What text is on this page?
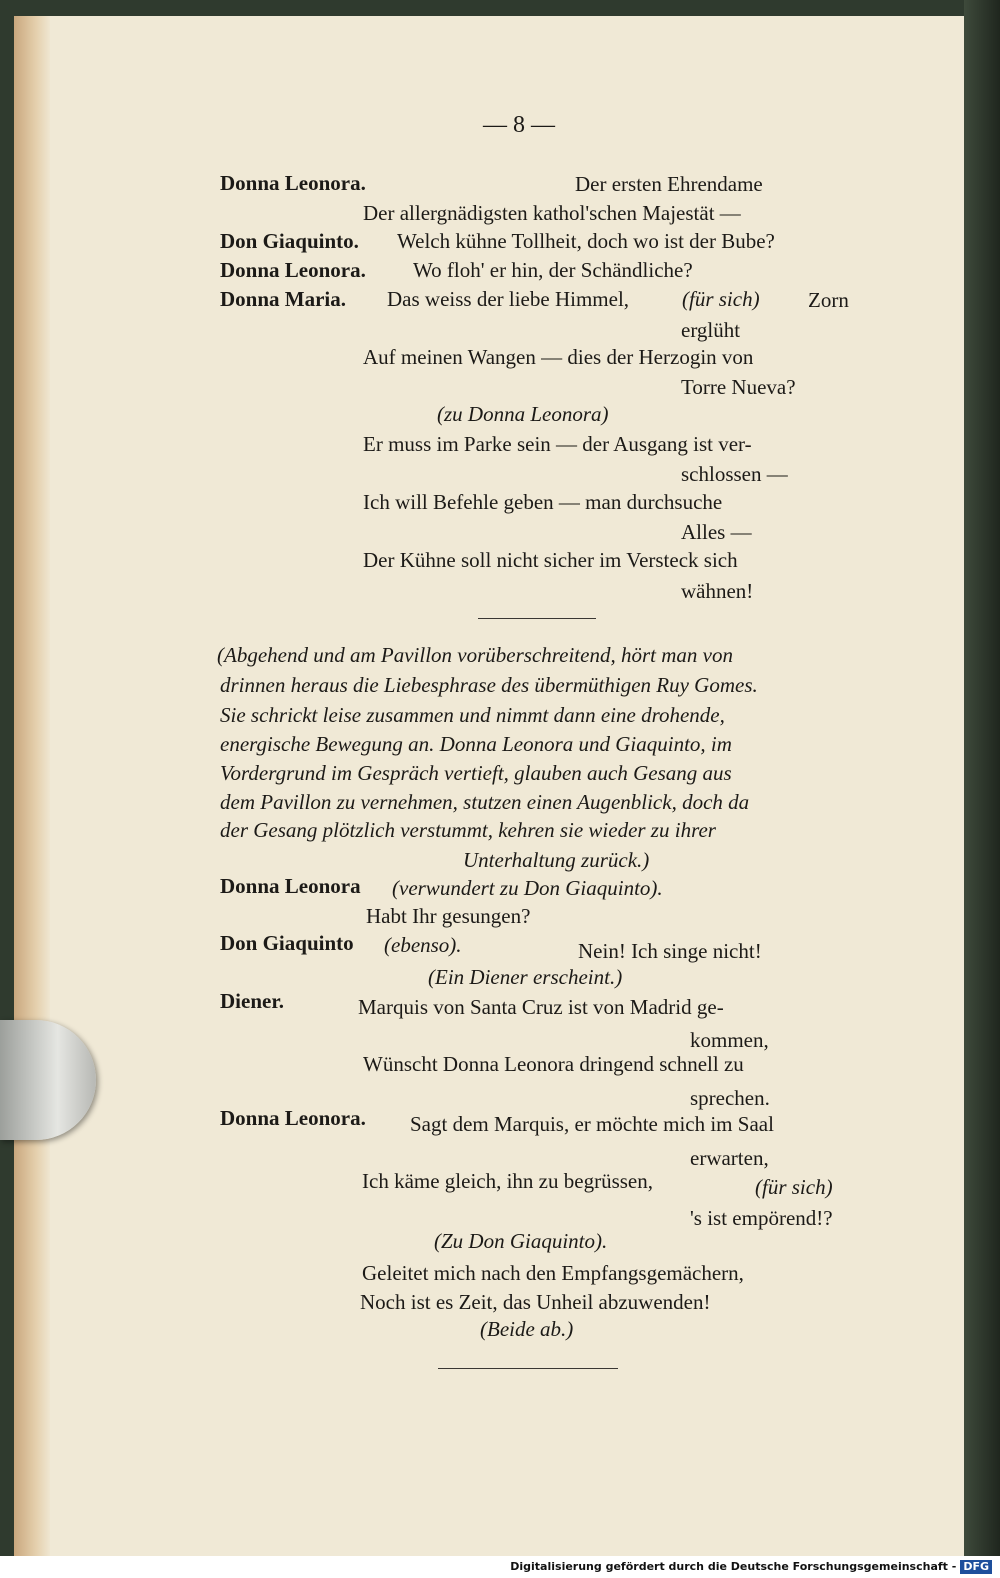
— 8 —
Donna Leonora.	Der ersten Ehrendame
Der allergnädigsten kathol'schen Majestät —
Don Giaquinto. Welch kühne Tollheit, doch wo ist der Bube?
Donna Leonora. Wo floh' er hin, der Schändliche?
Donna Maria. Das weiss der liebe Himmel,	(für sich) Zorn
erglüht
Auf meinen Wangen — dies der Herzogin von
Torre Nueva?
(zu Donna Leonora)
Er muss im Parke sein — der Ausgang ist ver-
schlossen —
Ich will Befehle geben — man durchsuche
Alles —
Der Kühne soll nicht sicher im Versteck sich
wähnen!
(Abgehend und am Pavillon vorüberschreitend, hört man von
drinnen heraus die Liebesphrase des übermüthigen Ruy Gomes.
Sie schrickt leise zusammen und nimmt dann eine drohende,
energische Bewegung an. Donna Leonora und Giaquinto, im
Vordergrund im Gespräch vertieft, glauben auch Gesang aus
dem Pavillon zu vernehmen, stutzen einen Augenblick, doch da
der Gesang plötzlich verstummt, kehren sie wieder zu ihrer
Unterhaltung zurück.)
Donna Leonora (verwundert zu Don Giaquinto).
Habt Ihr gesungen?
Don Giaquinto (ebenso).	Nein! Ich singe nicht!
(Ein Diener erscheint.)
Diener.	Marquis von Santa Cruz ist von Madrid ge-
kommen,
Wünscht Donna Leonora dringend schnell zu
sprechen.
Donna Leonora. Sagt dem Marquis, er möchte mich im Saal
erwarten,
Ich käme gleich, ihn zu begrüssen,	(für sich)
's ist empörend!?
(Zu Don Giaquinto).
Geleitet mich nach den Empfangsgemächern,
Noch ist es Zeit, das Unheil abzuwenden!
(Beide ab.)
Digitalisierung gefördert durch die Deutsche Forschungsgemeinschaft - DFG
